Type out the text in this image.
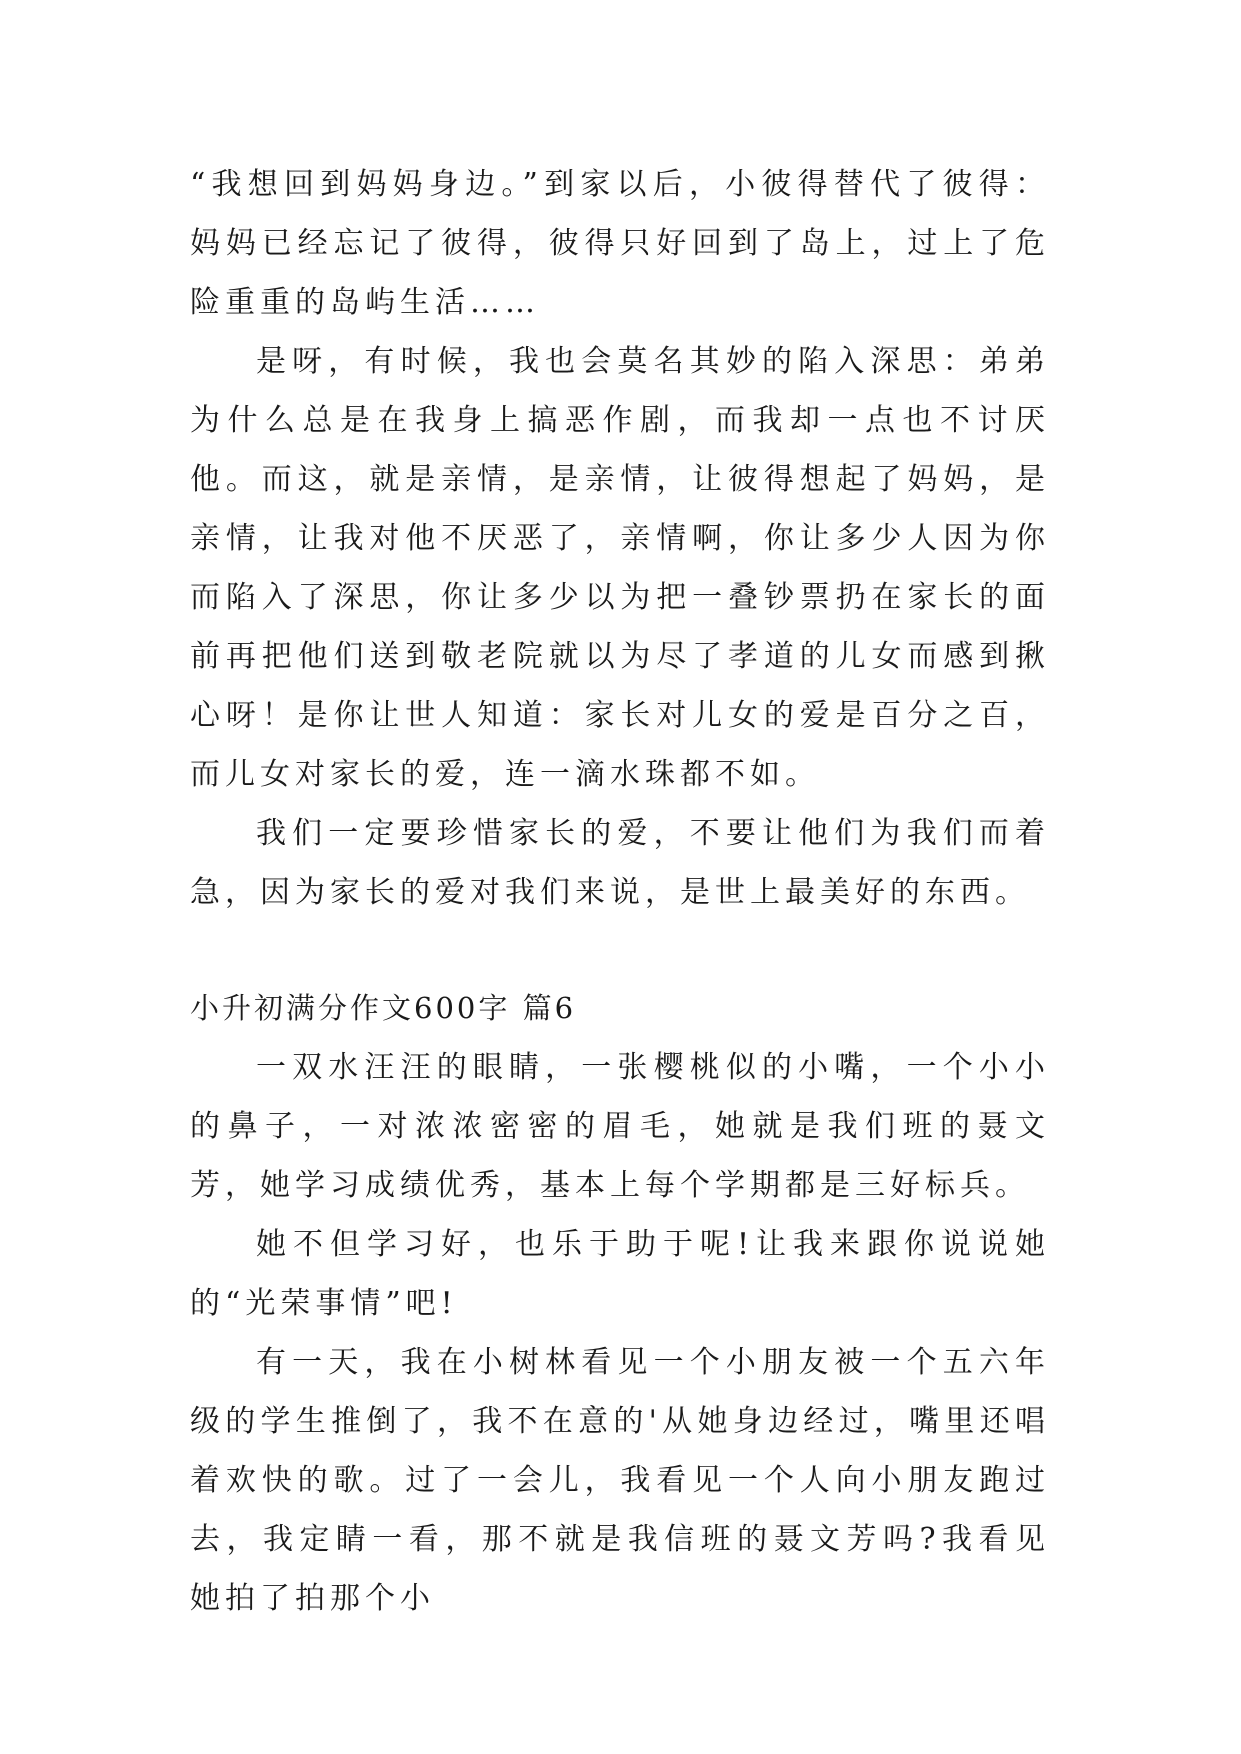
“我想回到妈妈身边。”到家以后，小彼得替代了彼得：妈妈已经忘记了彼得，彼得只好回到了岛上，过上了危险重重的岛屿生活……

是呀，有时候，我也会莫名其妙的陷入深思：弟弟为什么总是在我身上搞恶作剧，而我却一点也不讨厌他。而这，就是亲情，是亲情，让彼得想起了妈妈，是亲情，让我对他不厌恶了，亲情啊，你让多少人因为你而陷入了深思，你让多少以为把一叠钞票扔在家长的面前再把他们送到敬老院就以为尽了孝道的儿女而感到揪心呀！是你让世人知道：家长对儿女的爱是百分之百，而儿女对家长的爱，连一滴水珠都不如。

我们一定要珍惜家长的爱，不要让他们为我们而着急，因为家长的爱对我们来说，是世上最美好的东西。

小升初满分作文600字 篇6

一双水汪汪的眼睛，一张樱桃似的小嘴，一个小小的鼻子，一对浓浓密密的眉毛，她就是我们班的聂文芳，她学习成绩优秀，基本上每个学期都是三好标兵。

她不但学习好，也乐于助于呢!让我来跟你说说她的“光荣事情”吧!

有一天，我在小树林看见一个小朋友被一个五六年级的学生推倒了，我不在意的'从她身边经过，嘴里还唱着欢快的歌。过了一会儿，我看见一个人向小朋友跑过去，我定睛一看，那不就是我信班的聂文芳吗?我看见她拍了拍那个小
